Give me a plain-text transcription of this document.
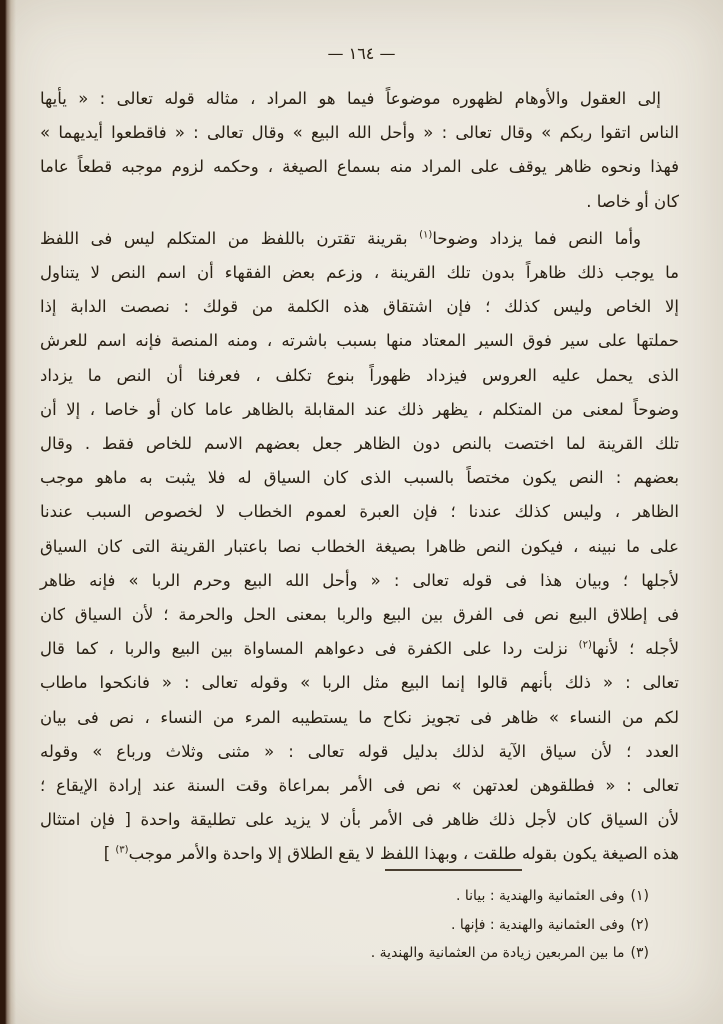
— ١٦٤ —
إلى العقول والأوهام لظهوره موضوعاً فيما هو المراد ، مثاله قوله تعالى : « يأيها
الناس اتقوا ربكم » وقال تعالى : « وأحل الله البيع » وقال تعالى : « فاقطعوا أيديهما »
فهذا ونحوه ظاهر يوقف على المراد منه بسماع الصيغة ، وحكمه لزوم موجبه قطعاً عاما
كان أو خاصا .
وأما النص فما يزداد وضوحا$^{(١)}$ بقرينة تقترن باللفظ من المتكلم ليس فى اللفظ
ما يوجب ذلك ظاهراً بدون تلك القرينة ، وزعم بعض الفقهاء أن اسم النص لا يتناول
إلا الخاص وليس كذلك ؛ فإن اشتقاق هذه الكلمة من قولك : نصصت الدابة إذا
حملتها على سير فوق السير المعتاد منها بسبب باشرته ، ومنه المنصة فإنه اسم للعرش
الذى يحمل عليه العروس فيزداد ظهوراً بنوع تكلف ، فعرفنا أن النص ما يزداد
وضوحاً لمعنى من المتكلم ، يظهر ذلك عند المقابلة بالظاهر عاما كان أو خاصا ، إلا أن
تلك القرينة لما اختصت بالنص دون الظاهر جعل بعضهم الاسم للخاص فقط . وقال
بعضهم : النص يكون مختصاً بالسبب الذى كان السياق له فلا يثبت به ماهو موجب
الظاهر ، وليس كذلك عندنا ؛ فإن العبرة لعموم الخطاب لا لخصوص السبب عندنا
على ما نبينه ، فيكون النص ظاهرا بصيغة الخطاب نصا باعتبار القرينة التى كان السياق
لأجلها ؛ وبيان هذا فى قوله تعالى : « وأحل الله البيع وحرم الربا » فإنه ظاهر
فى إطلاق البيع نص فى الفرق بين البيع والربا بمعنى الحل والحرمة ؛ لأن السياق كان
لأجله ؛ لأنها$^{(٢)}$ نزلت ردا على الكفرة فى دعواهم المساواة بين البيع والربا ، كما قال
تعالى : « ذلك بأنهم قالوا إنما البيع مثل الربا » وقوله تعالى : « فانكحوا ماطاب
لكم من النساء » ظاهر فى تجويز نكاح ما يستطيبه المرء من النساء ، نص فى بيان
العدد ؛ لأن سياق الآية لذلك بدليل قوله تعالى : « مثنى وثلاث ورباع » وقوله
تعالى : « فطلقوهن لعدتهن » نص فى الأمر بمراعاة وقت السنة عند إرادة الإيقاع ؛
لأن السياق كان لأجل ذلك ظاهر فى الأمر بأن لا يزيد على تطليقة واحدة [ فإن امتثال
هذه الصيغة يكون بقوله طلقت ، وبهذا اللفظ لا يقع الطلاق إلا واحدة والأمر موجب$^{(٣)}$ ]
(١)وفى العثمانية والهندية : بيانا .
(٢)وفى العثمانية والهندية : فإنها .
(٣)ما بين المربعين زيادة من العثمانية والهندية .
